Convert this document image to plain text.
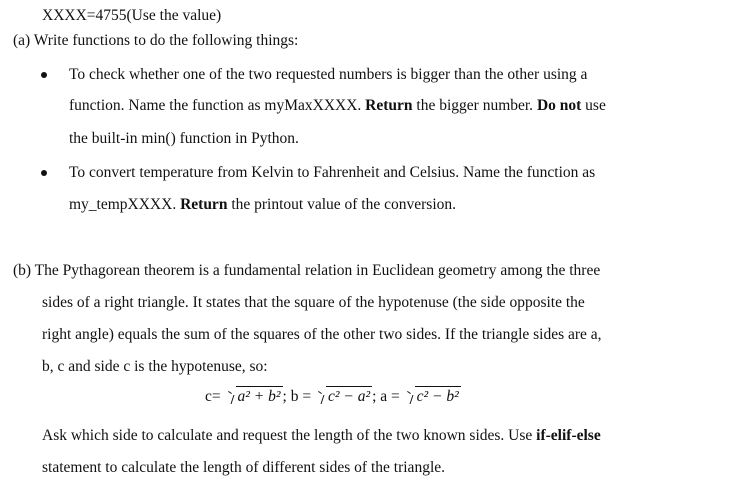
XXXX=4755(Use the value)
(a) Write functions to do the following things:
To check whether one of the two requested numbers is bigger than the other using a
function. Name the function as myMaxXXXX. Return the bigger number. Do not use
the built-in min() function in Python.
To convert temperature from Kelvin to Fahrenheit and Celsius. Name the function as
my_tempXXXX. Return the printout value of the conversion.
(b) The Pythagorean theorem is a fundamental relation in Euclidean geometry among the three
sides of a right triangle. It states that the square of the hypotenuse (the side opposite the
right angle) equals the sum of the squares of the other two sides. If the triangle sides are a,
b, c and side c is the hypotenuse, so:
c= a² + b² ; b = c² − a² ; a = c² − b²
Ask which side to calculate and request the length of the two known sides. Use if-elif-else
statement to calculate the length of different sides of the triangle.
